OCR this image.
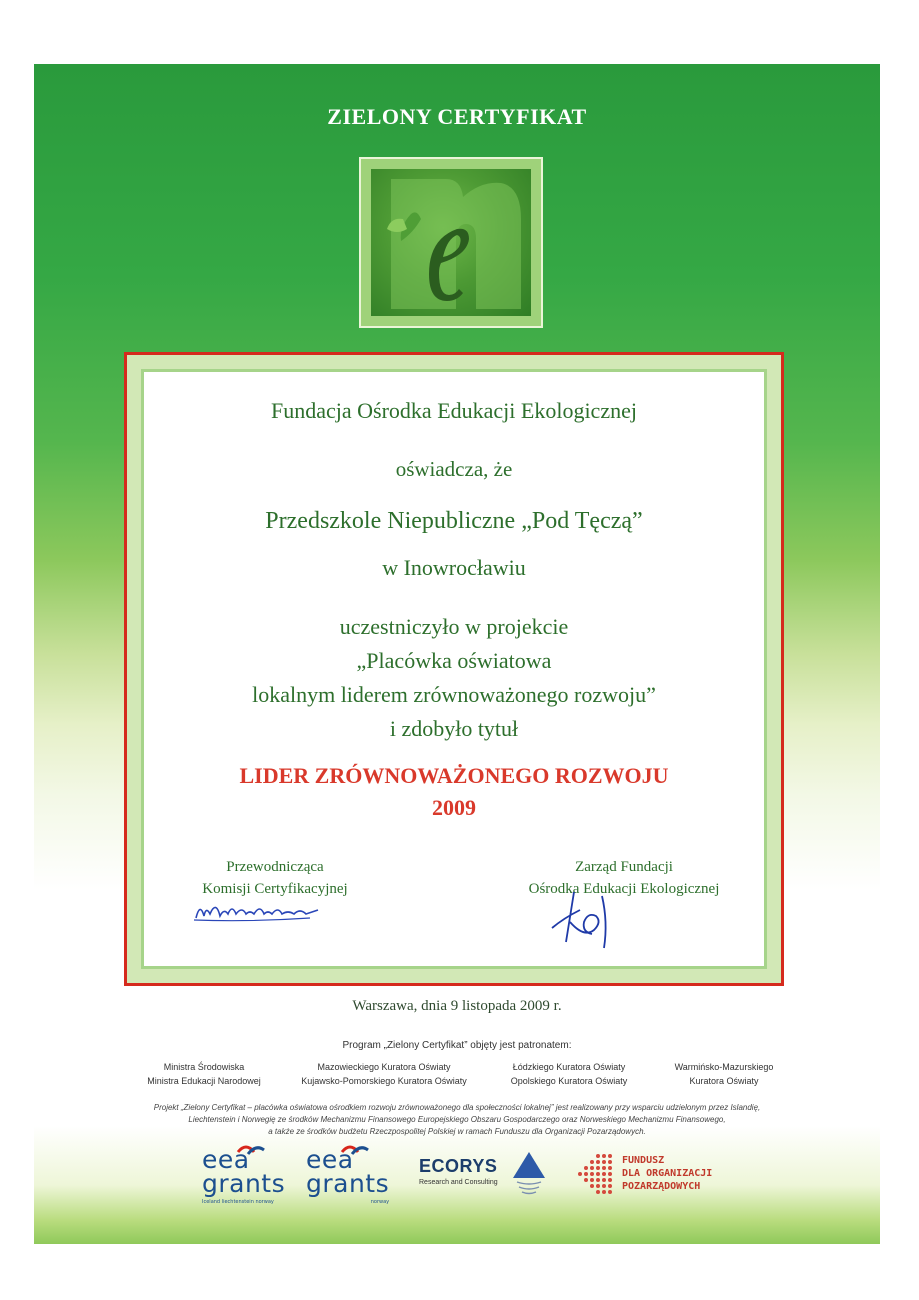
ZIELONY CERTYFIKAT
Fundacja Ośrodka Edukacji Ekologicznej
oświadcza, że
Przedszkole Niepubliczne „Pod Tęczą”
w Inowrocławiu
uczestniczyło w projekcie
„Placówka oświatowa
lokalnym liderem zrównoważonego rozwoju”
i zdobyło tytuł
LIDER ZRÓWNOWAŻONEGO ROZWOJU
2009
Przewodnicząca
Komisji Certyfikacyjnej
Zarząd Fundacji
Ośrodka Edukacji Ekologicznej
Warszawa, dnia 9 listopada 2009 r.
Program „Zielony Certyfikat” objęty jest patronatem:
Ministra Środowiska
Ministra Edukacji Narodowej
Mazowieckiego Kuratora Oświaty
Kujawsko-Pomorskiego Kuratora Oświaty
Łódzkiego Kuratora Oświaty
Opolskiego Kuratora Oświaty
Warmińsko-Mazurskiego
Kuratora Oświaty
Projekt „Zielony Certyfikat – placówka oświatowa ośrodkiem rozwoju zrównoważonego dla społeczności lokalnej” jest realizowany przy wsparciu udzielonym przez Islandię,
Liechtenstein i Norwegię ze środków Mechanizmu Finansowego Europejskiego Obszaru Gospodarczego oraz Norweskiego Mechanizmu Finansowego,
a także ze środków budżetu Rzeczpospolitej Polskiej w ramach Funduszu dla Organizacji Pozarządowych.
eea
grants
Iceland liechtenstein norway
eea
grants
norway
ECORYS
Research and Consulting
FUNDUSZ
DLA ORGANIZACJI
POZARZĄDOWYCH
